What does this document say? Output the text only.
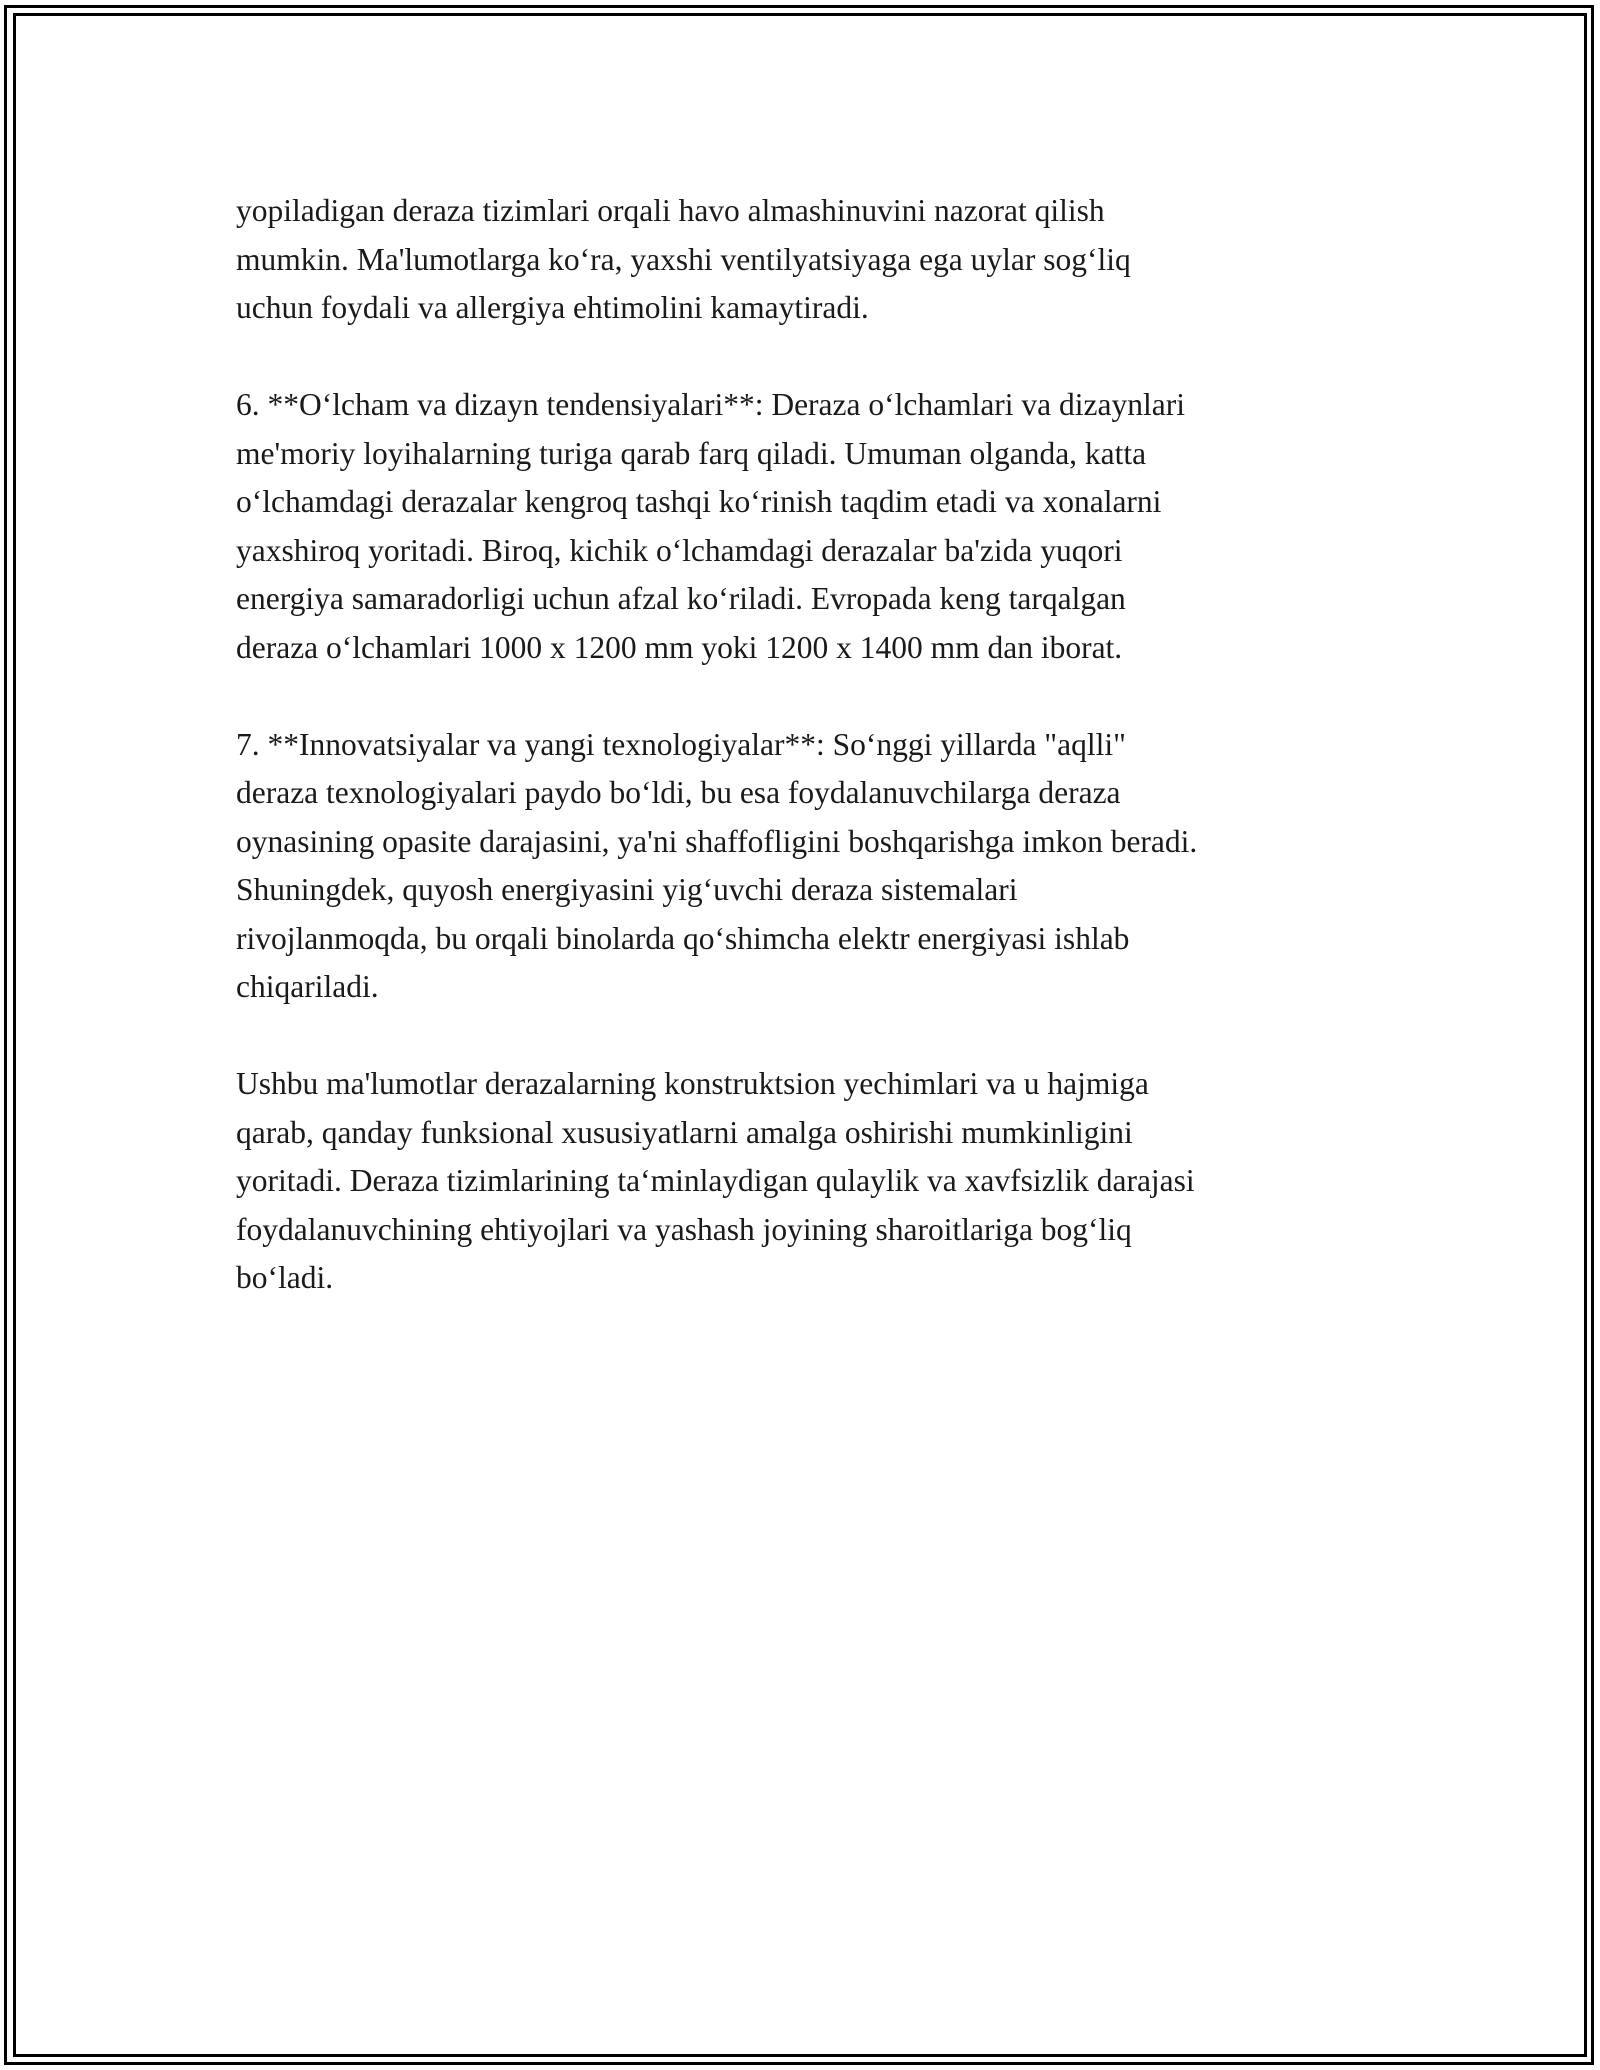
yopiladigan deraza tizimlari orqali havo almashinuvini nazorat qilish
mumkin. Ma'lumotlarga ko‘ra, yaxshi ventilyatsiyaga ega uylar sog‘liq
uchun foydali va allergiya ehtimolini kamaytiradi.

6. **O‘lcham va dizayn tendensiyalari**: Deraza o‘lchamlari va dizaynlari
me'moriy loyihalarning turiga qarab farq qiladi. Umuman olganda, katta
o‘lchamdagi derazalar kengroq tashqi ko‘rinish taqdim etadi va xonalarni
yaxshiroq yoritadi. Biroq, kichik o‘lchamdagi derazalar ba'zida yuqori
energiya samaradorligi uchun afzal ko‘riladi. Evropada keng tarqalgan
deraza o‘lchamlari 1000 x 1200 mm yoki 1200 x 1400 mm dan iborat.

7. **Innovatsiyalar va yangi texnologiyalar**: So‘nggi yillarda "aqlli"
deraza texnologiyalari paydo bo‘ldi, bu esa foydalanuvchilarga deraza
oynasining opasite darajasini, ya'ni shaffofligini boshqarishga imkon beradi.
Shuningdek, quyosh energiyasini yig‘uvchi deraza sistemalari
rivojlanmoqda, bu orqali binolarda qo‘shimcha elektr energiyasi ishlab
chiqariladi.

Ushbu ma'lumotlar derazalarning konstruktsion yechimlari va u hajmiga
qarab, qanday funksional xususiyatlarni amalga oshirishi mumkinligini
yoritadi. Deraza tizimlarining ta‘minlaydigan qulaylik va xavfsizlik darajasi
foydalanuvchining ehtiyojlari va yashash joyining sharoitlariga bog‘liq
bo‘ladi.
